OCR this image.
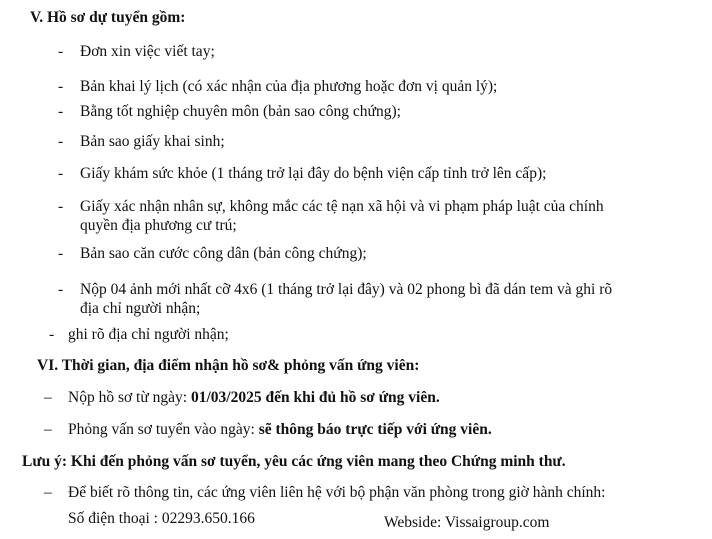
V. Hồ sơ dự tuyển gồm:
- Đơn xin việc viết tay;
- Bản khai lý lịch (có xác nhận của địa phương hoặc đơn vị quản lý);
- Bằng tốt nghiệp chuyên môn (bản sao công chứng);
- Bản sao giấy khai sinh;
- Giấy khám sức khỏe (1 tháng trở lại đây do bệnh viện cấp tỉnh trở lên cấp);
- Giấy xác nhận nhân sự, không mắc các tệ nạn xã hội và vi phạm pháp luật của chính
quyền địa phương cư trú;
- Bản sao căn cước công dân (bản công chứng);
- Nộp 04 ảnh mới nhất cỡ 4x6 (1 tháng trở lại đây) và 02 phong bì đã dán tem và ghi rõ
địa chỉ người nhận;
- ghi rõ địa chỉ người nhận;
VI. Thời gian, địa điểm nhận hồ sơ& phỏng vấn ứng viên:
– Nộp hồ sơ từ ngày: 01/03/2025 đến khi đủ hồ sơ ứng viên.
– Phỏng vấn sơ tuyển vào ngày: sẽ thông báo trực tiếp với ứng viên.
Lưu ý: Khi đến phỏng vấn sơ tuyển, yêu các ứng viên mang theo Chứng minh thư.
– Để biết rõ thông tin, các ứng viên liên hệ với bộ phận văn phòng trong giờ hành chính:
Số điện thoại : 02293.650.166	Webside: Vissaigroup.com
